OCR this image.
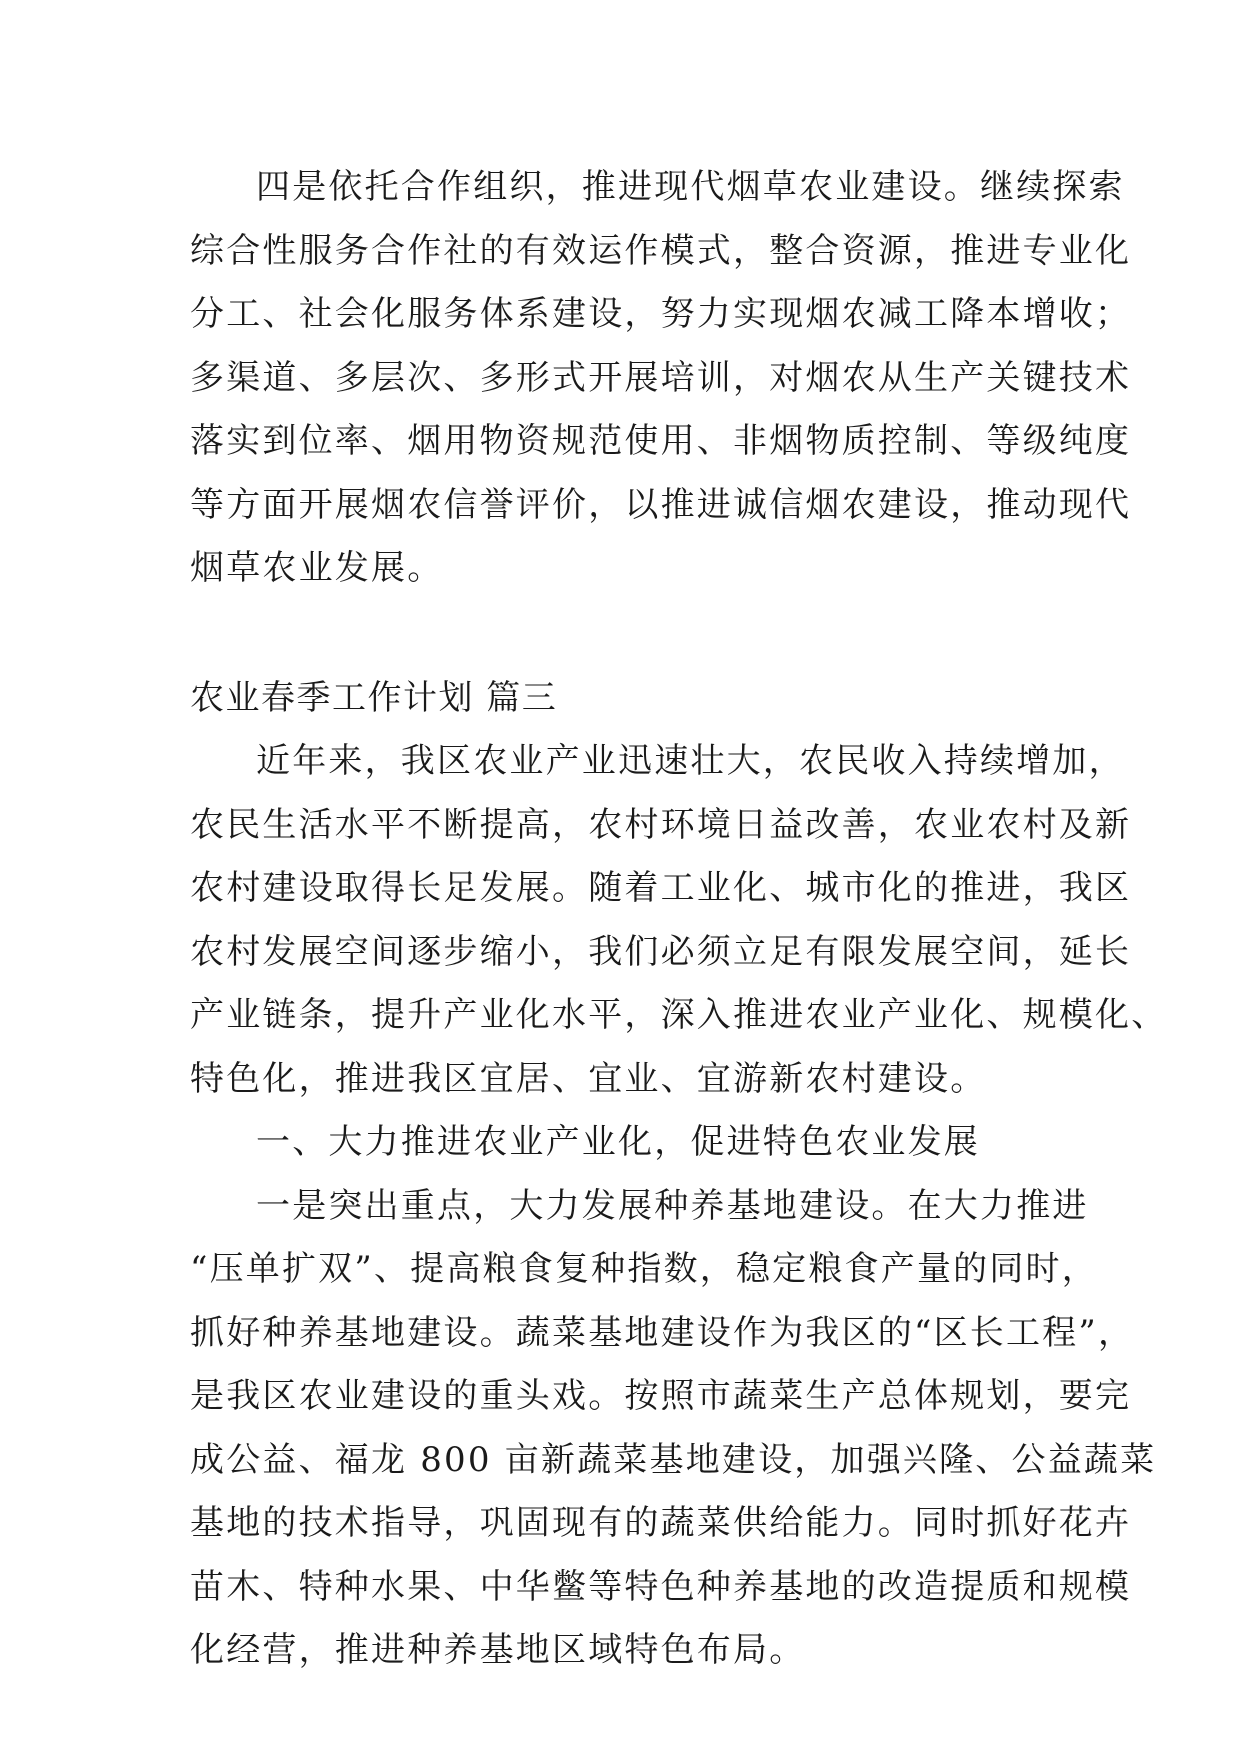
四是依托合作组织，推进现代烟草农业建设。继续探索
综合性服务合作社的有效运作模式，整合资源，推进专业化
分工、社会化服务体系建设，努力实现烟农减工降本增收；
多渠道、多层次、多形式开展培训，对烟农从生产关键技术
落实到位率、烟用物资规范使用、非烟物质控制、等级纯度
等方面开展烟农信誉评价，以推进诚信烟农建设，推动现代
烟草农业发展。
农业春季工作计划 篇三
近年来，我区农业产业迅速壮大，农民收入持续增加，
农民生活水平不断提高，农村环境日益改善，农业农村及新
农村建设取得长足发展。随着工业化、城市化的推进，我区
农村发展空间逐步缩小，我们必须立足有限发展空间，延长
产业链条，提升产业化水平，深入推进农业产业化、规模化、
特色化，推进我区宜居、宜业、宜游新农村建设。
一、大力推进农业产业化，促进特色农业发展
一是突出重点，大力发展种养基地建设。在大力推进
“压单扩双”、提高粮食复种指数，稳定粮食产量的同时，
抓好种养基地建设。蔬菜基地建设作为我区的“区长工程”，
是我区农业建设的重头戏。按照市蔬菜生产总体规划，要完
成公益、福龙 800 亩新蔬菜基地建设，加强兴隆、公益蔬菜
基地的技术指导，巩固现有的蔬菜供给能力。同时抓好花卉
苗木、特种水果、中华鳖等特色种养基地的改造提质和规模
化经营，推进种养基地区域特色布局。
